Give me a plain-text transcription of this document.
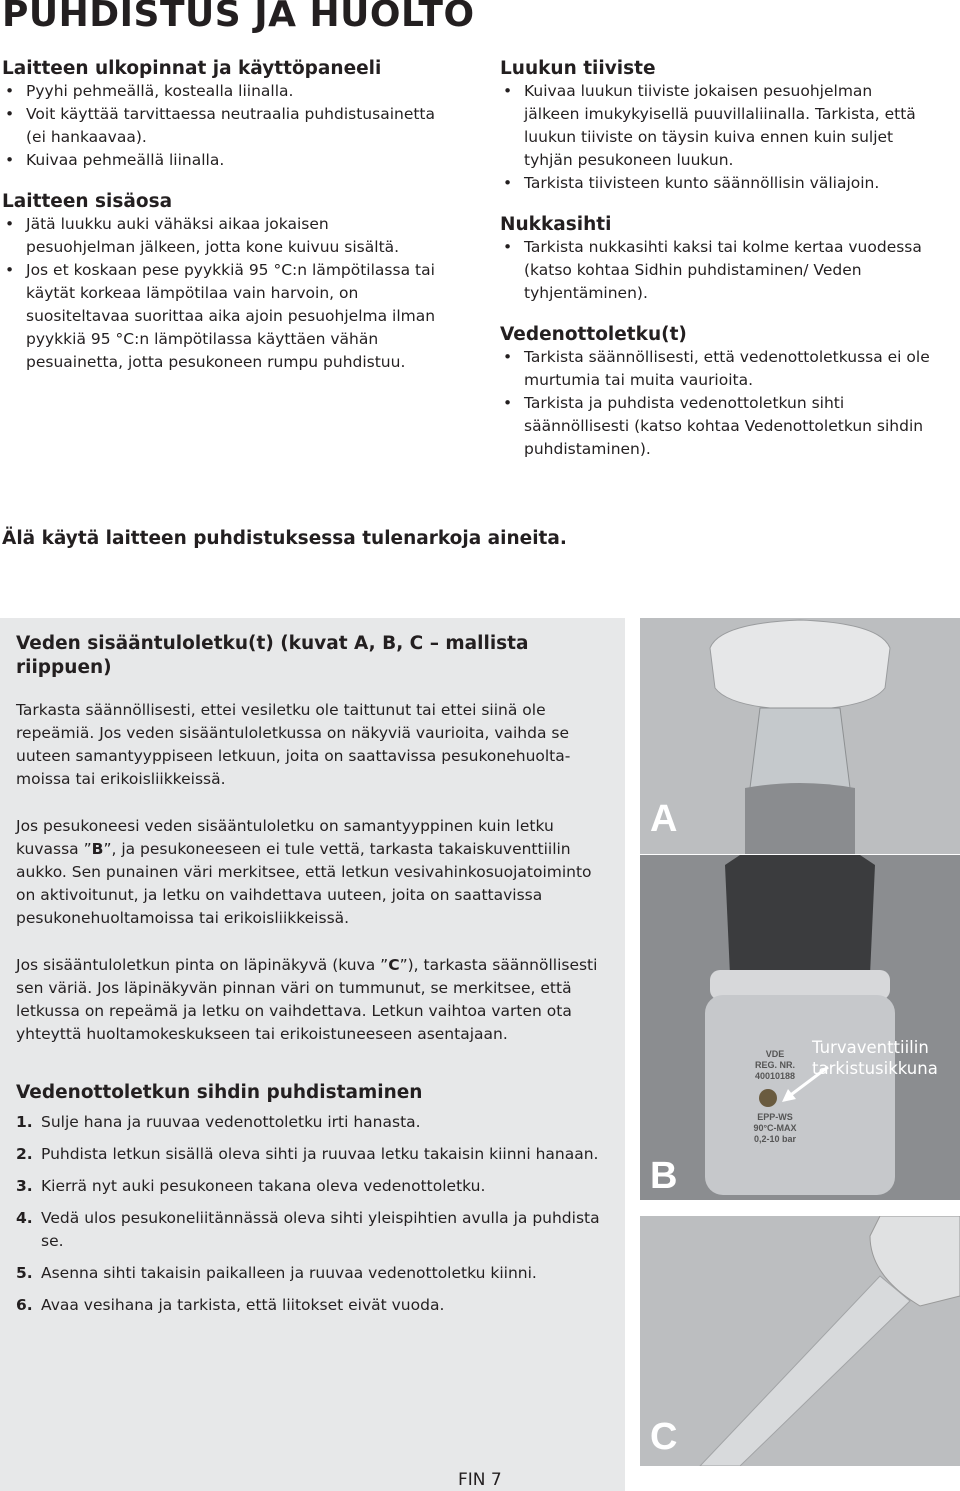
PUHDISTUS JA HUOLTO
Laitteen ulkopinnat ja käyttöpaneeli
• Pyyhi pehmeällä, kostealla liinalla.
• Voit käyttää tarvittaessa neutraalia puhdistusainetta (ei hankaavaa).
• Kuivaa pehmeällä liinalla.
Laitteen sisäosa
• Jätä luukku auki vähäksi aikaa jokaisen pesuohjelman jälkeen, jotta kone kuivuu sisältä.
• Jos et koskaan pese pyykkiä 95 °C:n lämpötilassa tai käytät korkeaa lämpötilaa vain harvoin, on suositeltavaa suorittaa aika ajoin pesuohjelma ilman pyykkiä 95 °C:n lämpötilassa käyttäen vähän pesuainetta, jotta pesukoneen rumpu puhdistuu.
Luukun tiiviste
• Kuivaa luukun tiiviste jokaisen pesuohjelman jälkeen imukykyisellä puuvillaliinalla. Tarkista, että luukun tiiviste on täysin kuiva ennen kuin suljet tyhjän pesukoneen luukun.
• Tarkista tiivisteen kunto säännöllisin väliajoin.
Nukkasihti
• Tarkista nukkasihti kaksi tai kolme kertaa vuodessa (katso kohtaa Sidhin puhdistaminen/ Veden tyhjentäminen).
Vedenottoletku(t)
• Tarkista säännöllisesti, että vedenottoletkussa ei ole murtumia tai muita vaurioita.
• Tarkista ja puhdista vedenottoletkun sihti säännöllisesti (katso kohtaa Vedenottoletkun sihdin puhdistaminen).
Älä käytä laitteen puhdistuksessa tulenarkoja aineita.
Veden sisääntuloletku(t) (kuvat A, B, C – mallista riippuen)
Tarkasta säännöllisesti, ettei vesiletku ole taittunut tai ettei siinä ole repeämiä. Jos veden sisääntuloletkussa on näkyviä vaurioita, vaihda se uuteen samantyyppiseen letkuun, joita on saattavissa pesukonehuolta-moissa tai erikoisliikkeissä.
Jos pesukoneesi veden sisääntuloletku on samantyyppinen kuin letku kuvassa ”B”, ja pesukoneeseen ei tule vettä, tarkasta takaiskuventtiilin aukko. Sen punainen väri merkitsee, että letkun vesivahinkosuojatoiminto on aktivoitunut, ja letku on vaihdettava uuteen, joita on saattavissa pesukonehuoltamoissa tai erikoisliikkeissä.
Jos sisääntuloletkun pinta on läpinäkyvä (kuva ”C”), tarkasta säännöllisesti sen väriä. Jos läpinäkyvän pinnan väri on tummunut, se merkitsee, että letkussa on repeämä ja letku on vaihdettava. Letkun vaihtoa varten ota yhteyttä huoltamokeskukseen tai erikoistuneeseen asentajaan.
Vedenottoletkun sihdin puhdistaminen
1. Sulje hana ja ruuvaa vedenottoletku irti hanasta.
2. Puhdista letkun sisällä oleva sihti ja ruuvaa letku takaisin kiinni hanaan.
3. Kierrä nyt auki pesukoneen takana oleva vedenottoletku.
4. Vedä ulos pesukoneliitännässä oleva sihti yleispihtien avulla ja puhdista se.
5. Asenna sihti takaisin paikalleen ja ruuvaa vedenottoletku kiinni.
6. Avaa vesihana ja tarkista, että liitokset eivät vuoda.
A
VDE
REG. NR.
40010188
EPP-WS
90°C-MAX
0,2-10 bar
B
Turvaventtiilin
tarkistusikkuna
C
FIN 7
